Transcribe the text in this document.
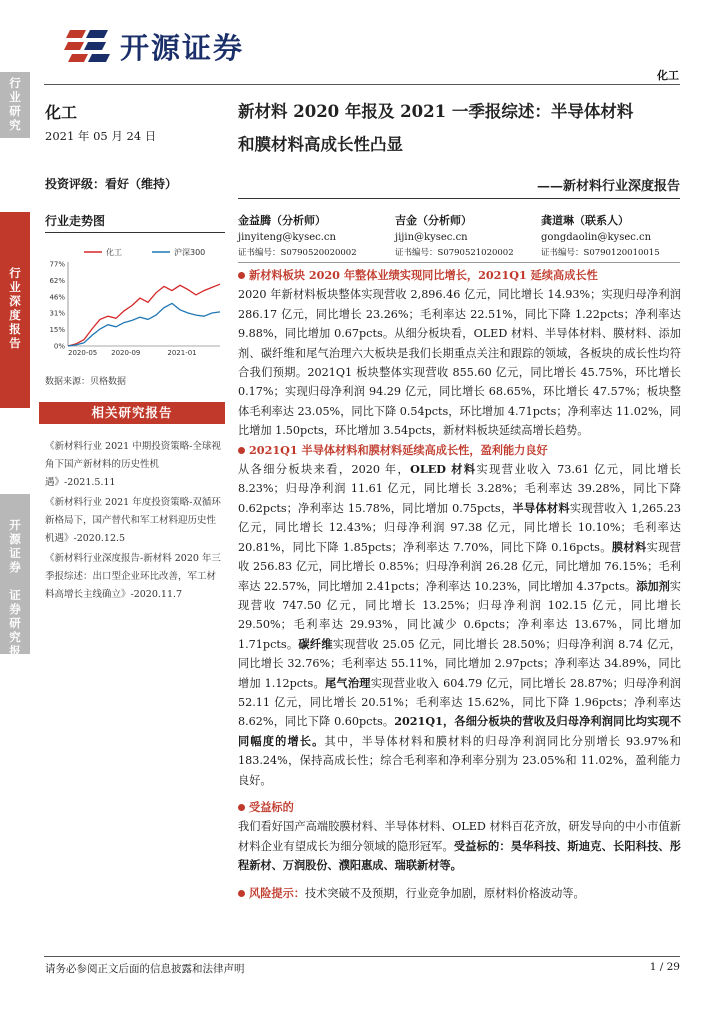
开源证券
化工
行
业
研
究
行
业
深
度
报
告
开
源
证
券

证
券
研
究
报
告
化工
2021 年 05 月 24 日
投资评级：看好（维持）
行业走势图
化工	沪深300
0%
15%
31%
46%
62%
77%
2020-05 2020-09	2021-01
数据来源：贝格数据
相关研究报告
《新材料行业 2021 中期投资策略-全球视角下国产新材料的历史性机遇》-2021.5.11
《新材料行业 2021 年度投资策略-双循环新格局下，国产替代和军工材料迎历史性机遇》-2020.12.5
《新材料行业深度报告-新材料 2020 年三季报综述：出口型企业环比改善，军工材料高增长主线确立》-2020.11.7
新材料 2020 年报及 2021 一季报综述：半导体材料
和膜材料高成长性凸显
——新材料行业深度报告
金益腾（分析师）
jinyiteng@kysec.cn
证书编号：S0790520020002
吉金（分析师）
jijin@kysec.cn
证书编号：S0790521020002
龚道琳（联系人）
gongdaolin@kysec.cn
证书编号：S0790120010015
新材料板块 2020 年整体业绩实现同比增长，2021Q1 延续高成长性
2020 年新材料板块整体实现营收 2,896.46 亿元，同比增长 14.93%；实现归母净利润 286.17 亿元，同比增长 23.26%；毛利率达 22.51%，同比下降 1.22pcts；净利率达 9.88%，同比增加 0.67pcts。从细分板块看，OLED 材料、半导体材料、膜材料、添加剂、碳纤维和尾气治理六大板块是我们长期重点关注和跟踪的领域，各板块的成长性均符合我们预期。2021Q1 板块整体实现营收 855.60 亿元，同比增长 45.75%，环比增长 0.17%；实现归母净利润 94.29 亿元，同比增长 68.65%，环比增长 47.57%；板块整体毛利率达 23.05%，同比下降 0.54pcts，环比增加 4.71pcts；净利率达 11.02%，同比增加 1.50pcts，环比增加 3.54pcts，新材料板块延续高增长趋势。
2021Q1 半导体材料和膜材料延续高成长性，盈利能力良好
从各细分板块来看，2020 年，OLED 材料实现营业收入 73.61 亿元，同比增长 8.23%；归母净利润 11.61 亿元，同比增长 3.28%；毛利率达 39.28%，同比下降 0.62pcts；净利率达 15.78%，同比增加 0.75pcts，半导体材料实现营收入 1,265.23 亿元，同比增长 12.43%；归母净利润 97.38 亿元，同比增长 10.10%；毛利率达 20.81%，同比下降 1.85pcts；净利率达 7.70%，同比下降 0.16pcts。膜材料实现营收 256.83 亿元，同比增长 0.85%；归母净利润 26.28 亿元，同比增加 76.15%；毛利率达 22.57%，同比增加 2.41pcts；净利率达 10.23%，同比增加 4.37pcts。添加剂实现营收 747.50 亿元，同比增长 13.25%；归母净利润 102.15 亿元，同比增长 29.50%；毛利率达 29.93%，同比减少 0.6pcts；净利率达 13.67%，同比增加 1.71pcts。碳纤维实现营收 25.05 亿元，同比增长 28.50%；归母净利润 8.74 亿元，同比增长 32.76%；毛利率达 55.11%，同比增加 2.97pcts；净利率达 34.89%，同比增加 1.12pcts。尾气治理实现营业收入 604.79 亿元，同比增长 28.87%；归母净利润 52.11 亿元，同比增长 20.51%；毛利率达 15.62%，同比下降 1.96pcts；净利率达 8.62%，同比下降 0.60pcts。2021Q1，各细分板块的营收及归母净利润同比均实现不同幅度的增长。其中，半导体材料和膜材料的归母净利润同比分别增长 93.97%和 183.24%，保持高成长性；综合毛利率和净利率分别为 23.05%和 11.02%，盈利能力良好。
受益标的
我们看好国产高端胶膜材料、半导体材料、OLED 材料百花齐放，研发导向的中小市值新材料企业有望成长为细分领域的隐形冠军。受益标的：昊华科技、斯迪克、长阳科技、彤程新材、万润股份、濮阳惠成、瑞联新材等。
风险提示： 技术突破不及预期，行业竞争加剧，原材料价格波动等。
请务必参阅正文后面的信息披露和法律声明	1 / 29
